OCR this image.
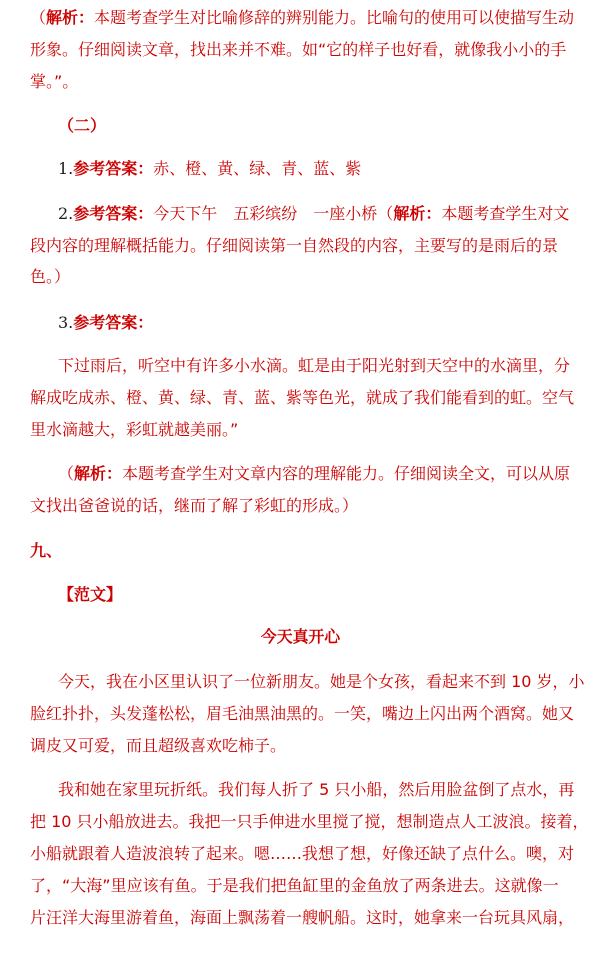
（解析：本题考查学生对比喻修辞的辨别能力。比喻句的使用可以使描写生动
形象。仔细阅读文章，找出来并不难。如“它的样子也好看，就像我小小的手
掌。”。
（二）
1.参考答案：赤、橙、黄、绿、青、蓝、紫
2.参考答案：今天下午　五彩缤纷　一座小桥（解析：本题考查学生对文
段内容的理解概括能力。仔细阅读第一自然段的内容，主要写的是雨后的景
色。）
3.参考答案：
下过雨后，听空中有许多小水滴。虹是由于阳光射到天空中的水滴里，分
解成吃成赤、橙、黄、绿、青、蓝、紫等色光，就成了我们能看到的虹。空气
里水滴越大，彩虹就越美丽。”
（解析：本题考查学生对文章内容的理解能力。仔细阅读全文，可以从原
文找出爸爸说的话，继而了解了彩虹的形成。）
九、
【范文】
今天真开心
今天，我在小区里认识了一位新朋友。她是个女孩，看起来不到 10 岁，小
脸红扑扑，头发蓬松松，眉毛油黑油黑的。一笑，嘴边上闪出两个酒窝。她又
调皮又可爱，而且超级喜欢吃柿子。
我和她在家里玩折纸。我们每人折了 5 只小船，然后用脸盆倒了点水，再
把 10 只小船放进去。我把一只手伸进水里搅了搅，想制造点人工波浪。接着，
小船就跟着人造波浪转了起来。嗯……我想了想，好像还缺了点什么。噢，对
了，“大海”里应该有鱼。于是我们把鱼缸里的金鱼放了两条进去。这就像一
片汪洋大海里游着鱼，海面上飘荡着一艘帆船。这时，她拿来一台玩具风扇，
